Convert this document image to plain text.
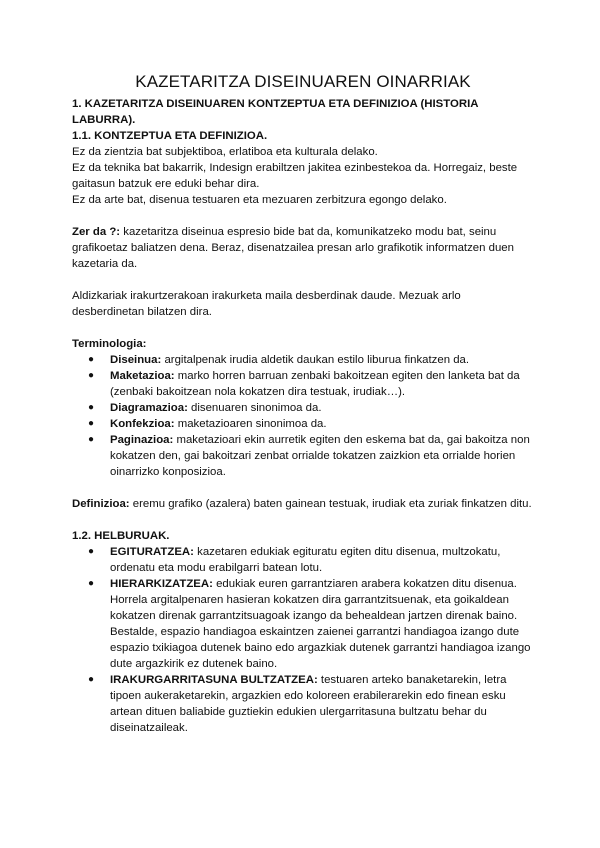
KAZETARITZA DISEINUAREN OINARRIAK
1. KAZETARITZA DISEINUAREN KONTZEPTUA ETA DEFINIZIOA (HISTORIA LABURRA).
1.1. KONTZEPTUA ETA DEFINIZIOA.
Ez da zientzia bat subjektiboa, erlatiboa eta kulturala delako.
Ez da teknika bat bakarrik, Indesign erabiltzen jakitea ezinbestekoa da. Horregaiz, beste gaitasun batzuk ere eduki behar dira.
Ez da arte bat, disenua testuaren eta mezuaren zerbitzura egongo delako.
Zer da ?: kazetaritza diseinua espresio bide bat da, komunikatzeko modu bat, seinu grafikoetaz baliatzen dena. Beraz, disenatzailea presan arlo grafikotik informatzen duen kazetaria da.
Aldizkariak irakurtzerakoan irakurketa maila desberdinak daude. Mezuak arlo desberdinetan bilatzen dira.
Terminologia:
● Diseinua: argitalpenak irudia aldetik daukan estilo liburua finkatzen da.
● Maketazioa: marko horren barruan zenbaki bakoitzean egiten den lanketa bat da (zenbaki bakoitzean nola kokatzen dira testuak, irudiak…).
● Diagramazioa: disenuaren sinonimoa da.
● Konfekzioa: maketazioaren sinonimoa da.
● Paginazioa: maketazioari ekin aurretik egiten den eskema bat da, gai bakoitza non kokatzen den, gai bakoitzari zenbat orrialde tokatzen zaizkion eta orrialde horien oinarrizko konposizioa.
Definizioa: eremu grafiko (azalera) baten gainean testuak, irudiak eta zuriak finkatzen ditu.
1.2. HELBURUAK.
● EGITURATZEA: kazetaren edukiak egituratu egiten ditu disenua, multzokatu, ordenatu eta modu erabilgarri batean lotu.
● HIERARKIZATZEA: edukiak euren garrantziaren arabera kokatzen ditu disenua. Horrela argitalpenaren hasieran kokatzen dira garrantzitsuenak, eta goikaldean kokatzen direnak garrantzitsuagoak izango da behealdean jartzen direnak baino. Bestalde, espazio handiagoa eskaintzen zaienei garrantzi handiagoa izango dute espazio txikiagoa dutenek baino edo argazkiak dutenek garrantzi handiagoa izango dute argazkirik ez dutenek baino.
● IRAKURGARRITASUNA BULTZATZEA: testuaren arteko banaketarekin, letra tipoen aukeraketarekin, argazkien edo koloreen erabilerarekin edo finean esku artean dituen baliabide guztiekin edukien ulergarritasuna bultzatu behar du diseinatzaileak.
